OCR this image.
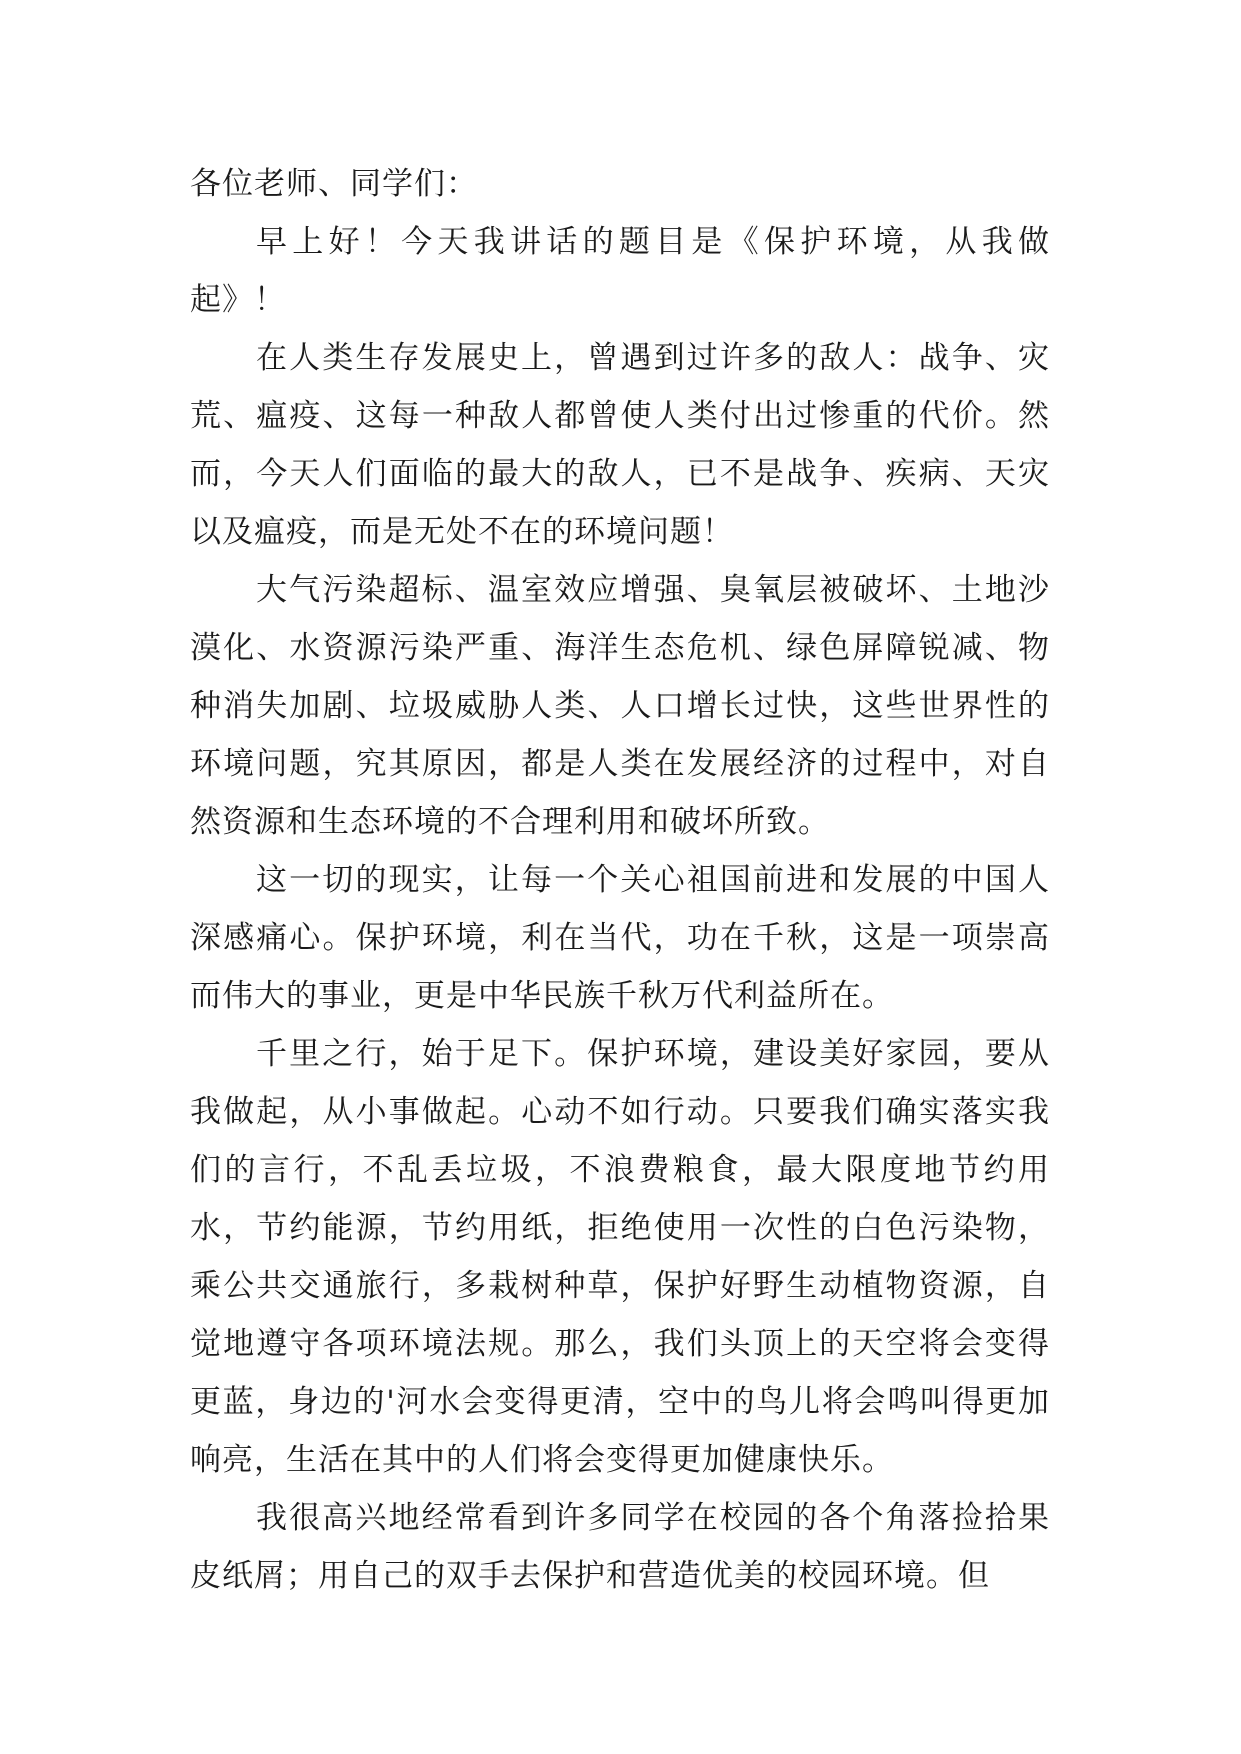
各位老师、同学们：

早上好！今天我讲话的题目是《保护环境，从我做起》！

在人类生存发展史上，曾遇到过许多的敌人：战争、灾荒、瘟疫、这每一种敌人都曾使人类付出过惨重的代价。然而，今天人们面临的最大的敌人，已不是战争、疾病、天灾以及瘟疫，而是无处不在的环境问题！

大气污染超标、温室效应增强、臭氧层被破坏、土地沙漠化、水资源污染严重、海洋生态危机、绿色屏障锐减、物种消失加剧、垃圾威胁人类、人口增长过快，这些世界性的环境问题，究其原因，都是人类在发展经济的过程中，对自然资源和生态环境的不合理利用和破坏所致。

这一切的现实，让每一个关心祖国前进和发展的中国人深感痛心。保护环境，利在当代，功在千秋，这是一项崇高而伟大的事业，更是中华民族千秋万代利益所在。

千里之行，始于足下。保护环境，建设美好家园，要从我做起，从小事做起。心动不如行动。只要我们确实落实我们的言行，不乱丢垃圾，不浪费粮食，最大限度地节约用水，节约能源，节约用纸，拒绝使用一次性的白色污染物，乘公共交通旅行，多栽树种草，保护好野生动植物资源，自觉地遵守各项环境法规。那么，我们头顶上的天空将会变得更蓝，身边的'河水会变得更清，空中的鸟儿将会鸣叫得更加响亮，生活在其中的人们将会变得更加健康快乐。

我很高兴地经常看到许多同学在校园的各个角落捡拾果皮纸屑；用自己的双手去保护和营造优美的校园环境。但
